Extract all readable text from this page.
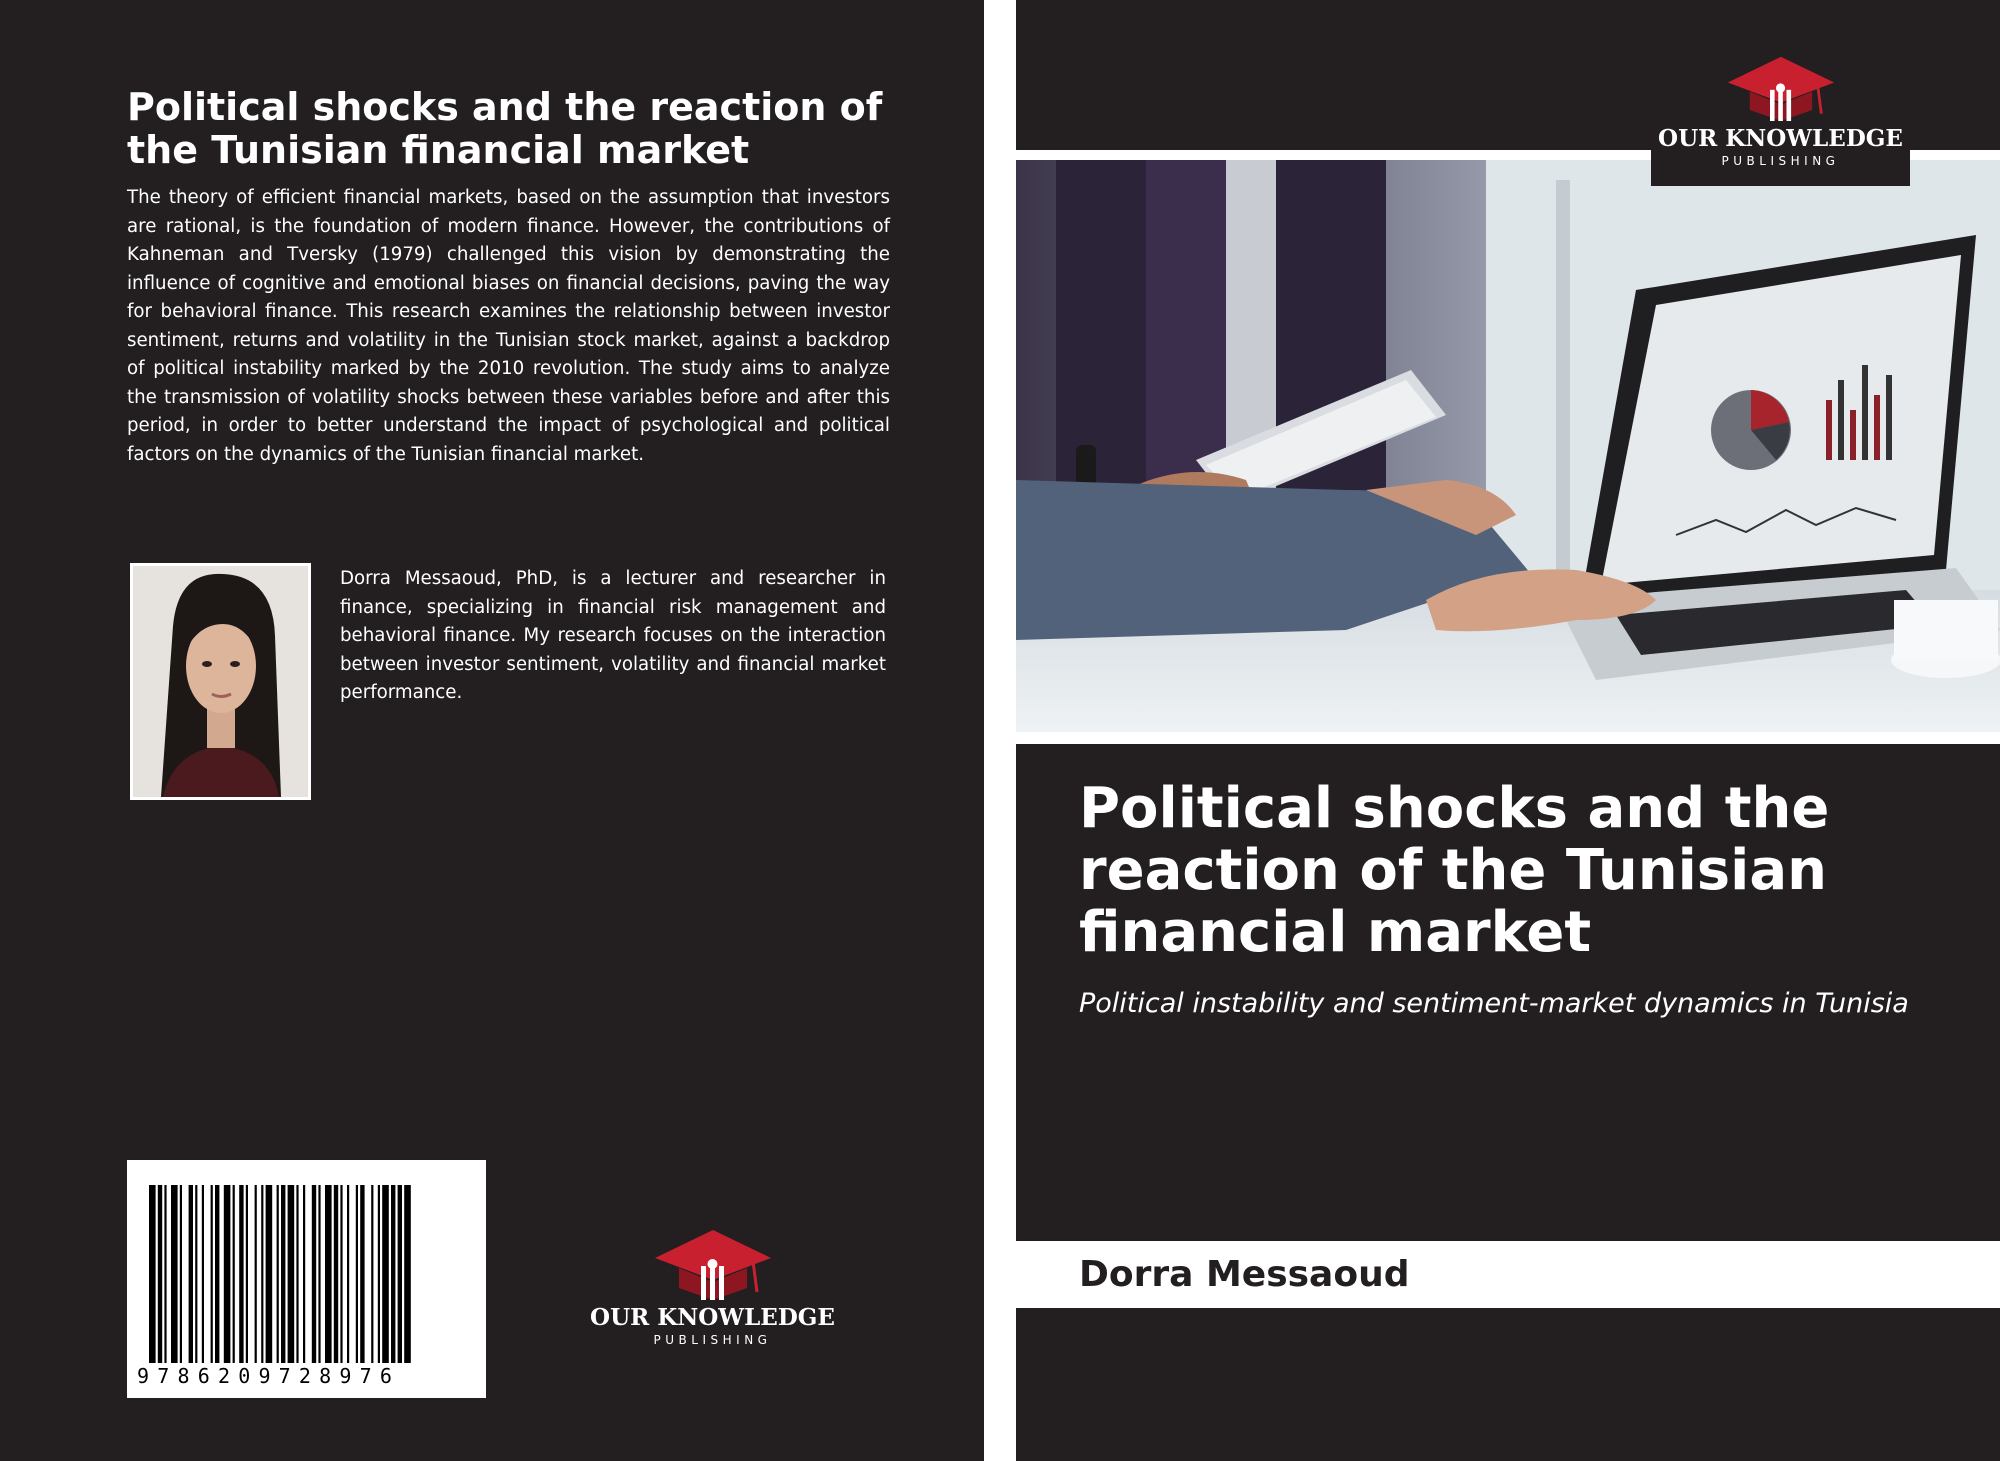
Political shocks and the reaction of the Tunisian financial market

The theory of efficient financial markets, based on the assumption that investors are rational, is the foundation of modern finance. However, the contributions of Kahneman and Tversky (1979) challenged this vision by demonstrating the influence of cognitive and emotional biases on financial decisions, paving the way for behavioral finance. This research examines the relationship between investor sentiment, returns and volatility in the Tunisian stock market, against a backdrop of political instability marked by the 2010 revolution. The study aims to analyze the transmission of volatility shocks between these variables before and after this period, in order to better understand the impact of psychological and political factors on the dynamics of the Tunisian financial market.

Dorra Messaoud, PhD, is a lecturer and researcher in finance, specializing in financial risk management and behavioral finance. My research focuses on the interaction between investor sentiment, volatility and financial market performance.

9786209728976
OUR KNOWLEDGE
PUBLISHING
OUR KNOWLEDGE
PUBLISHING
Political shocks and the reaction of the Tunisian financial market
Political instability and sentiment-market dynamics in Tunisia

Dorra Messaoud
